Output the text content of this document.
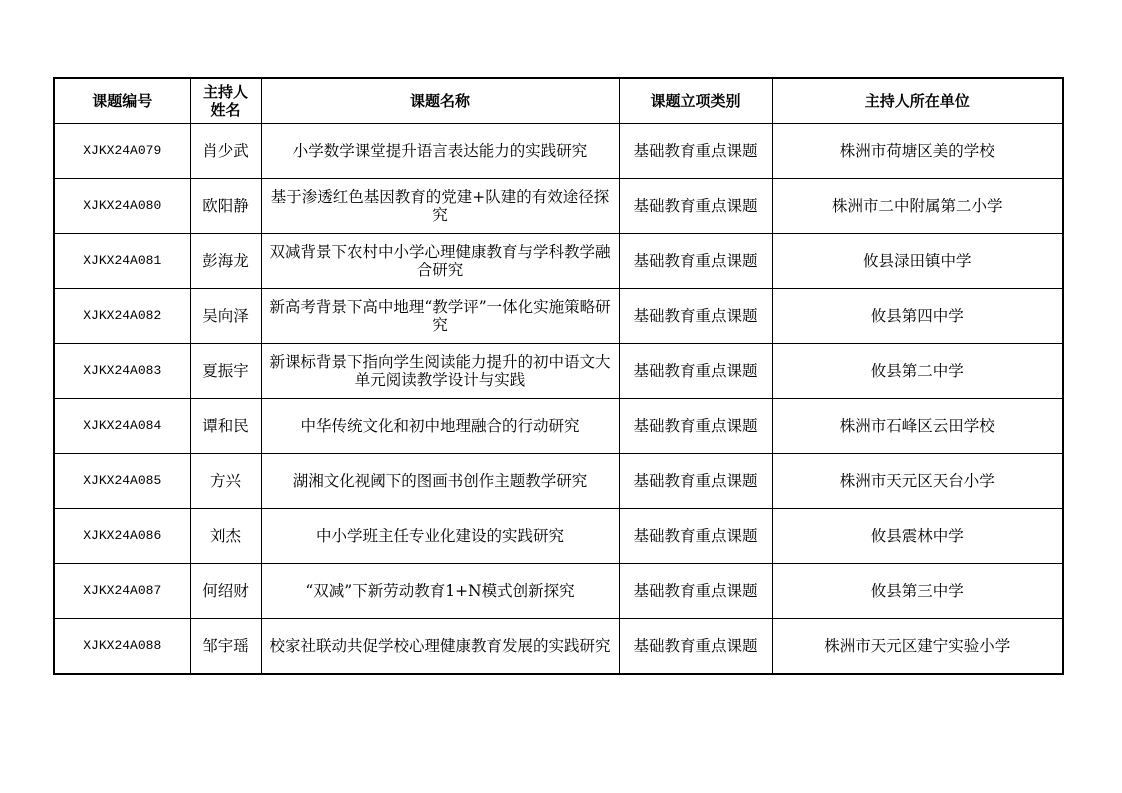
课题编号	主持人姓名	课题名称	课题立项类别	主持人所在单位
XJKX24A079	肖少武	小学数学课堂提升语言表达能力的实践研究	基础教育重点课题	株洲市荷塘区美的学校
XJKX24A080	欧阳静	基于渗透红色基因教育的党建+队建的有效途径探究	基础教育重点课题	株洲市二中附属第二小学
XJKX24A081	彭海龙	双减背景下农村中小学心理健康教育与学科教学融合研究	基础教育重点课题	攸县渌田镇中学
XJKX24A082	吴向泽	新高考背景下高中地理“教学评”一体化实施策略研究	基础教育重点课题	攸县第四中学
XJKX24A083	夏振宇	新课标背景下指向学生阅读能力提升的初中语文大单元阅读教学设计与实践	基础教育重点课题	攸县第二中学
XJKX24A084	谭和民	中华传统文化和初中地理融合的行动研究	基础教育重点课题	株洲市石峰区云田学校
XJKX24A085	方兴	湖湘文化视阈下的图画书创作主题教学研究	基础教育重点课题	株洲市天元区天台小学
XJKX24A086	刘杰	中小学班主任专业化建设的实践研究	基础教育重点课题	攸县震林中学
XJKX24A087	何绍财	“双减”下新劳动教育1+N模式创新探究	基础教育重点课题	攸县第三中学
XJKX24A088	邹宇瑶	校家社联动共促学校心理健康教育发展的实践研究	基础教育重点课题	株洲市天元区建宁实验小学
